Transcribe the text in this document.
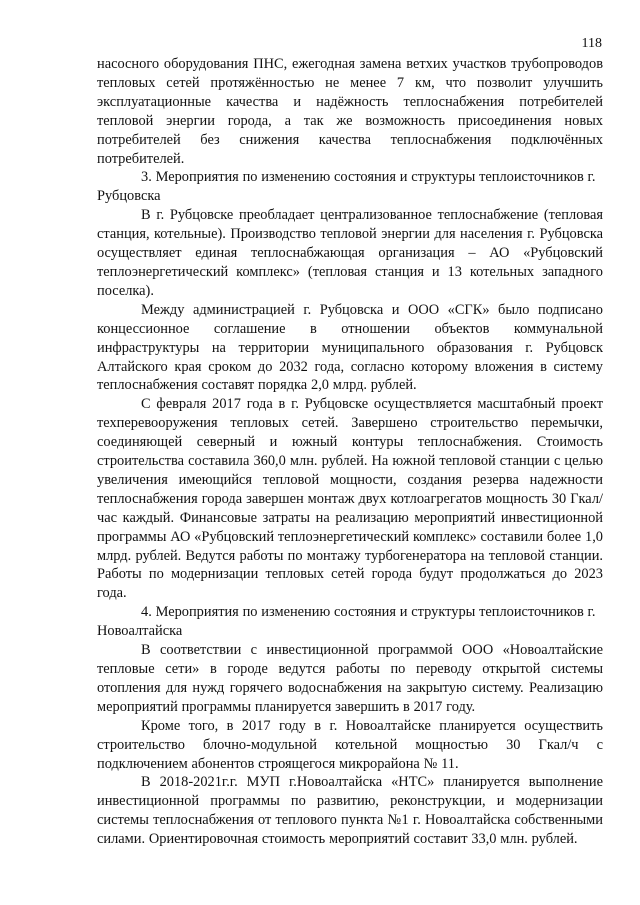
118

насосного оборудования ПНС, ежегодная замена ветхих участков трубопроводов тепловых сетей протяжённостью не менее 7 км, что позволит улучшить эксплуатационные качества и надёжность теплоснабжения потребителей тепловой энергии города, а так же возможность присоединения новых потребителей без снижения качества теплоснабжения подключённых потребителей.

3. Мероприятия по изменению состояния и структуры теплоисточников г. Рубцовска

В г. Рубцовске преобладает централизованное теплоснабжение (тепловая станция, котельные). Производство тепловой энергии для населения г. Рубцовска осуществляет единая теплоснабжающая организация – АО «Рубцовский теплоэнергетический комплекс» (тепловая станция и 13 котельных западного поселка).

Между администрацией г. Рубцовска и ООО «СГК» было подписано концессионное соглашение в отношении объектов коммунальной инфраструктуры на территории муниципального образования г. Рубцовск Алтайского края сроком до 2032 года, согласно которому вложения в систему теплоснабжения составят порядка 2,0 млрд. рублей.

С февраля 2017 года в г. Рубцовске осуществляется масштабный проект техперевооружения тепловых сетей. Завершено строительство перемычки, соединяющей северный и южный контуры теплоснабжения. Стоимость строительства составила 360,0 млн. рублей. На южной тепловой станции с целью увеличения имеющийся тепловой мощности, создания резерва надежности теплоснабжения города завершен монтаж двух котлоагрегатов мощность 30 Гкал/час каждый. Финансовые затраты на реализацию мероприятий инвестиционной программы АО «Рубцовский теплоэнергетический комплекс» составили более 1,0 млрд. рублей. Ведутся работы по монтажу турбогенератора на тепловой станции. Работы по модернизации тепловых сетей города будут продолжаться до 2023 года.

4. Мероприятия по изменению состояния и структуры теплоисточников г. Новоалтайска

В соответствии с инвестиционной программой ООО «Новоалтайские тепловые сети» в городе ведутся работы по переводу открытой системы отопления для нужд горячего водоснабжения на закрытую систему. Реализацию мероприятий программы планируется завершить в 2017 году.

Кроме того, в 2017 году в г. Новоалтайске планируется осуществить строительство блочно-модульной котельной мощностью 30 Гкал/ч с подключением абонентов строящегося микрорайона № 11.

В 2018-2021г.г. МУП г.Новоалтайска «НТС» планируется выполнение инвестиционной программы по развитию, реконструкции, и модернизации системы теплоснабжения от теплового пункта №1 г. Новоалтайска собственными силами. Ориентировочная стоимость мероприятий составит 33,0 млн. рублей.
